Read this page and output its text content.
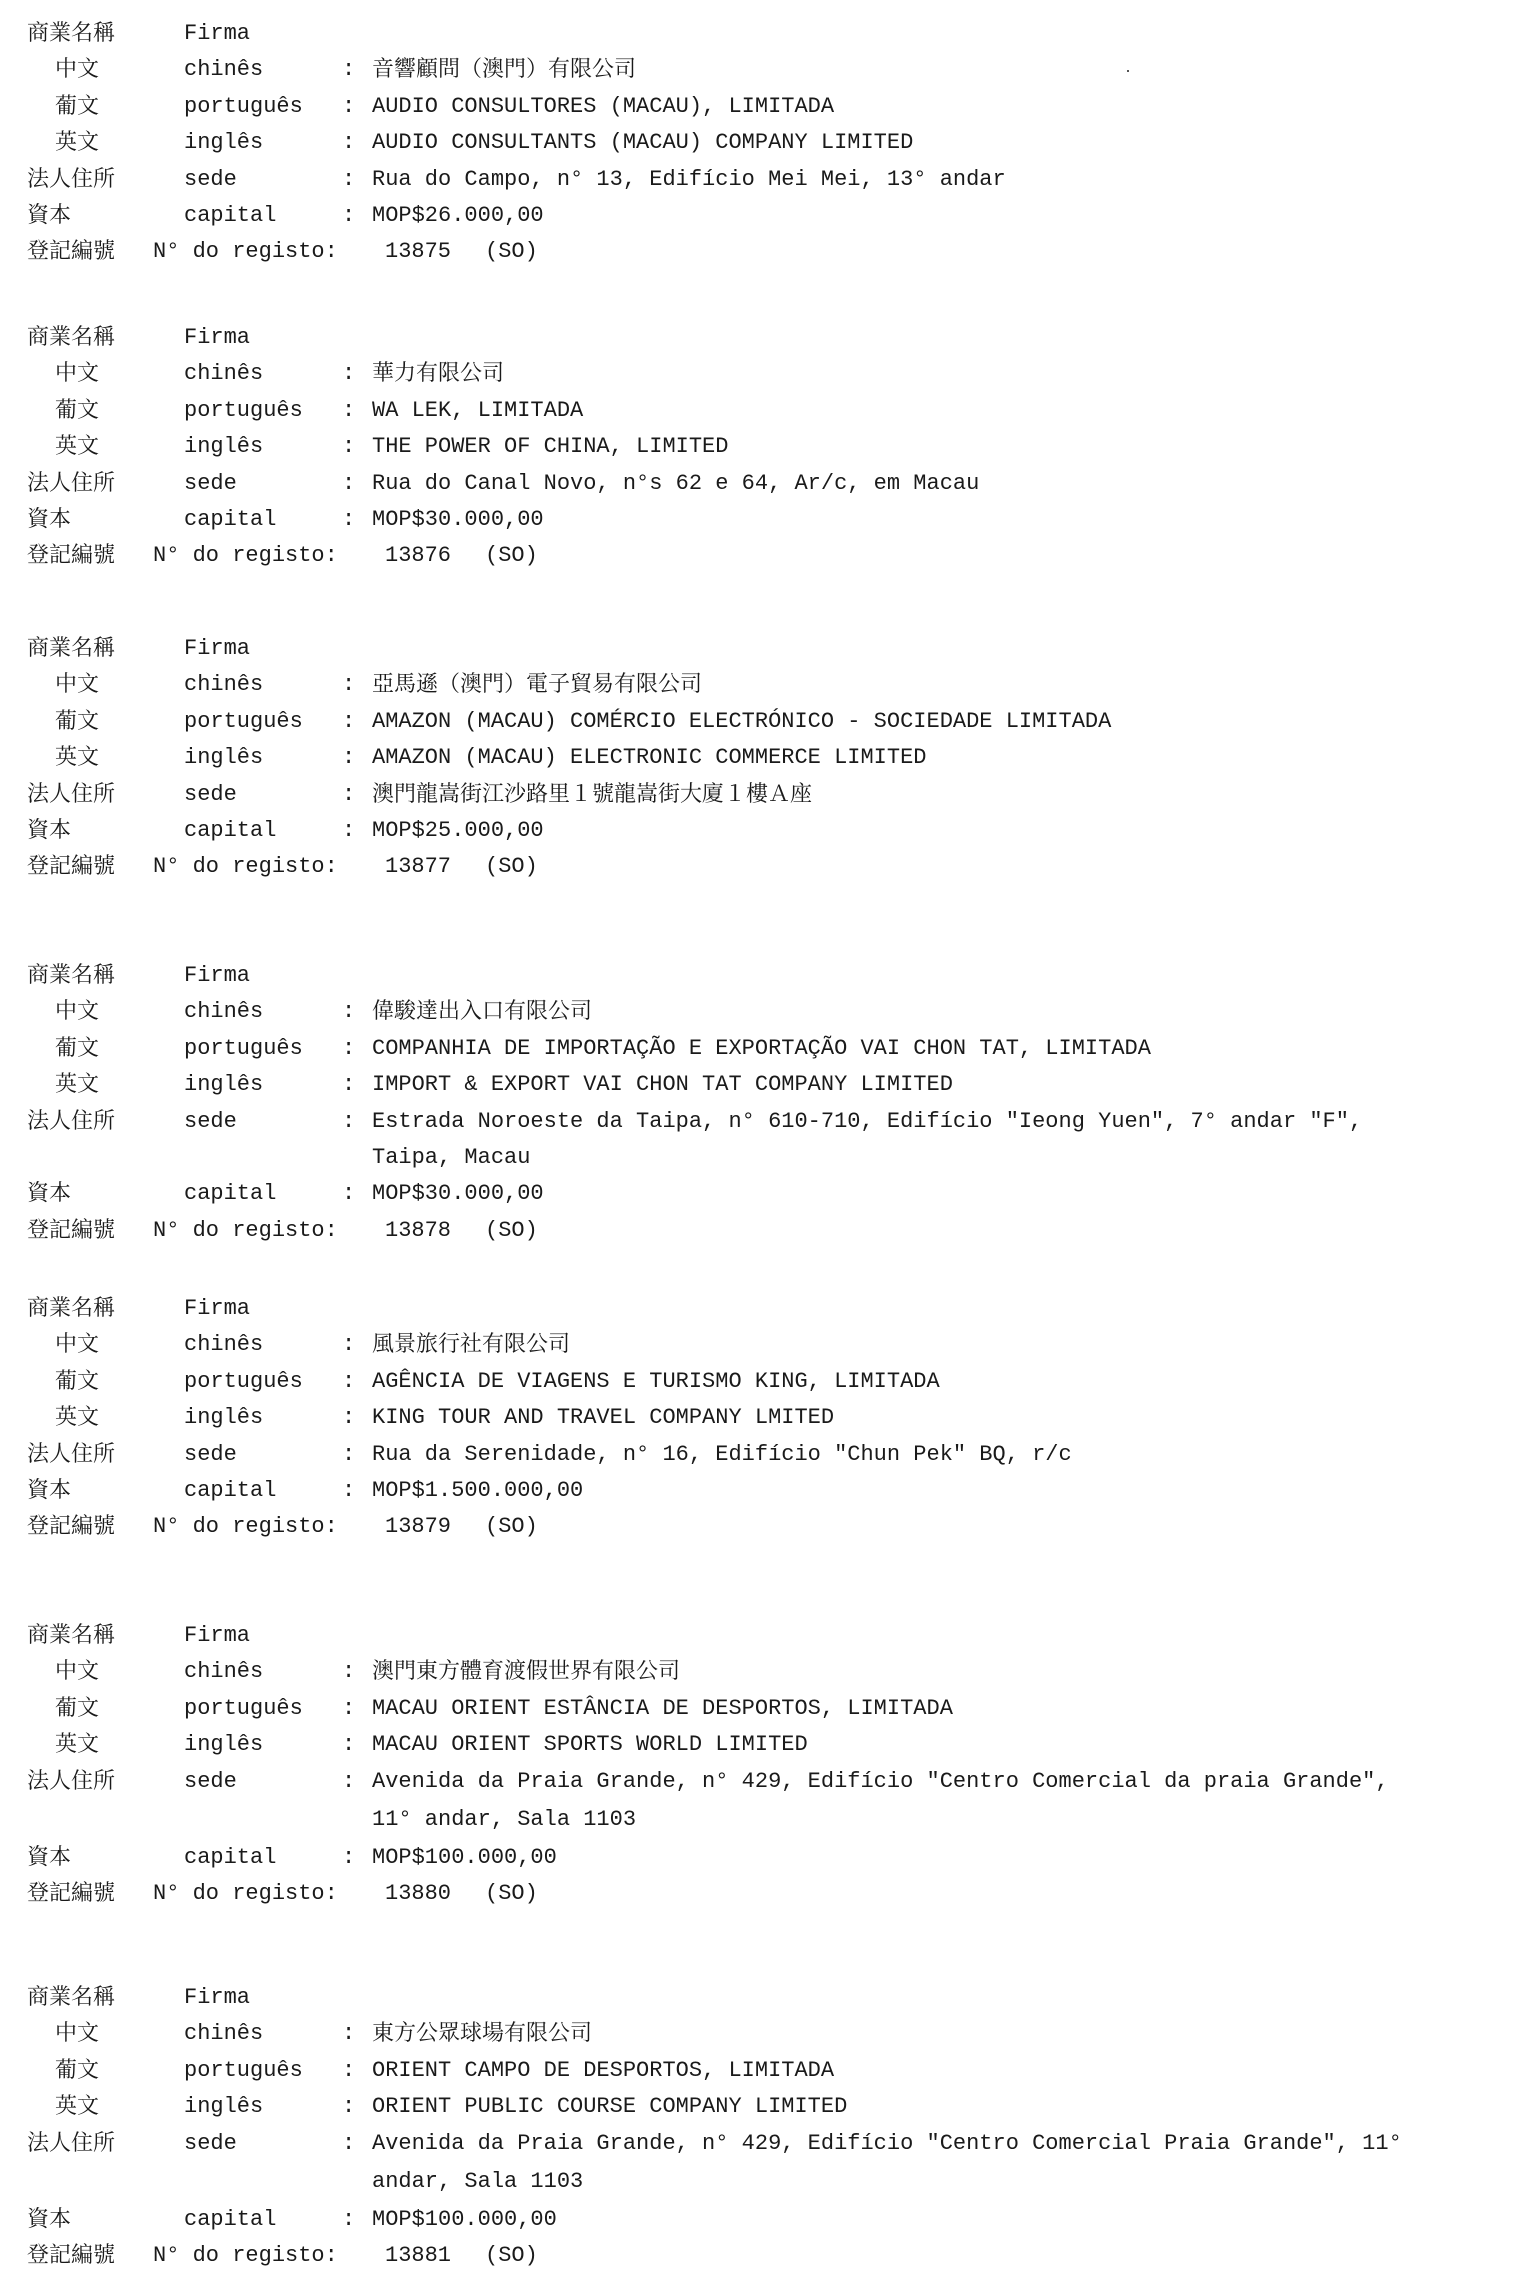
商業名稱	Firma
中文	chinês	: 音響顧問（澳門）有限公司
葡文	português : AUDIO CONSULTORES (MACAU), LIMITADA
英文	inglês	: AUDIO CONSULTANTS (MACAU) COMPANY LIMITED
法人住所	sede	: Rua do Campo, n° 13, Edifício Mei Mei, 13° andar
資本	capital	: MOP$26.000,00
登記編號 N° do registo: 13875 (SO)
商業名稱	Firma
中文	chinês	: 華力有限公司
葡文	português : WA LEK, LIMITADA
英文	inglês	: THE POWER OF CHINA, LIMITED
法人住所	sede	: Rua do Canal Novo, n°s 62 e 64, Ar/c, em Macau
資本	capital	: MOP$30.000,00
登記編號 N° do registo: 13876 (SO)
商業名稱	Firma
中文	chinês	: 亞馬遜（澳門）電子貿易有限公司
葡文	português : AMAZON (MACAU) COMÉRCIO ELECTRÓNICO - SOCIEDADE LIMITADA
英文	inglês	: AMAZON (MACAU) ELECTRONIC COMMERCE LIMITED
法人住所	sede	: 澳門龍嵩街江沙路里１號龍嵩街大廈１樓Ａ座
資本	capital	: MOP$25.000,00
登記編號 N° do registo: 13877 (SO)
商業名稱	Firma
中文	chinês	: 偉駿達出入口有限公司
葡文	português : COMPANHIA DE IMPORTAÇÃO E EXPORTAÇÃO VAI CHON TAT, LIMITADA
英文	inglês	: IMPORT & EXPORT VAI CHON TAT COMPANY LIMITED
法人住所	sede	: Estrada Noroeste da Taipa, n° 610-710, Edifício "Ieong Yuen", 7° andar "F",
Taipa, Macau
資本	capital	: MOP$30.000,00
登記編號 N° do registo: 13878 (SO)
商業名稱	Firma
中文	chinês	: 風景旅行社有限公司
葡文	português : AGÊNCIA DE VIAGENS E TURISMO KING, LIMITADA
英文	inglês	: KING TOUR AND TRAVEL COMPANY LMITED
法人住所	sede	: Rua da Serenidade, n° 16, Edifício "Chun Pek" BQ, r/c
資本	capital	: MOP$1.500.000,00
登記編號 N° do registo: 13879 (SO)
商業名稱	Firma
中文	chinês	: 澳門東方體育渡假世界有限公司
葡文	português : MACAU ORIENT ESTÂNCIA DE DESPORTOS, LIMITADA
英文	inglês	: MACAU ORIENT SPORTS WORLD LIMITED
法人住所	sede	: Avenida da Praia Grande, n° 429, Edifício "Centro Comercial da praia Grande",
11° andar, Sala 1103
資本	capital	: MOP$100.000,00
登記編號 N° do registo: 13880 (SO)
商業名稱	Firma
中文	chinês	: 東方公眾球場有限公司
葡文	português : ORIENT CAMPO DE DESPORTOS, LIMITADA
英文	inglês	: ORIENT PUBLIC COURSE COMPANY LIMITED
法人住所	sede	: Avenida da Praia Grande, n° 429, Edifício "Centro Comercial Praia Grande", 11°
andar, Sala 1103
資本	capital	: MOP$100.000,00
登記編號 N° do registo: 13881 (SO)
